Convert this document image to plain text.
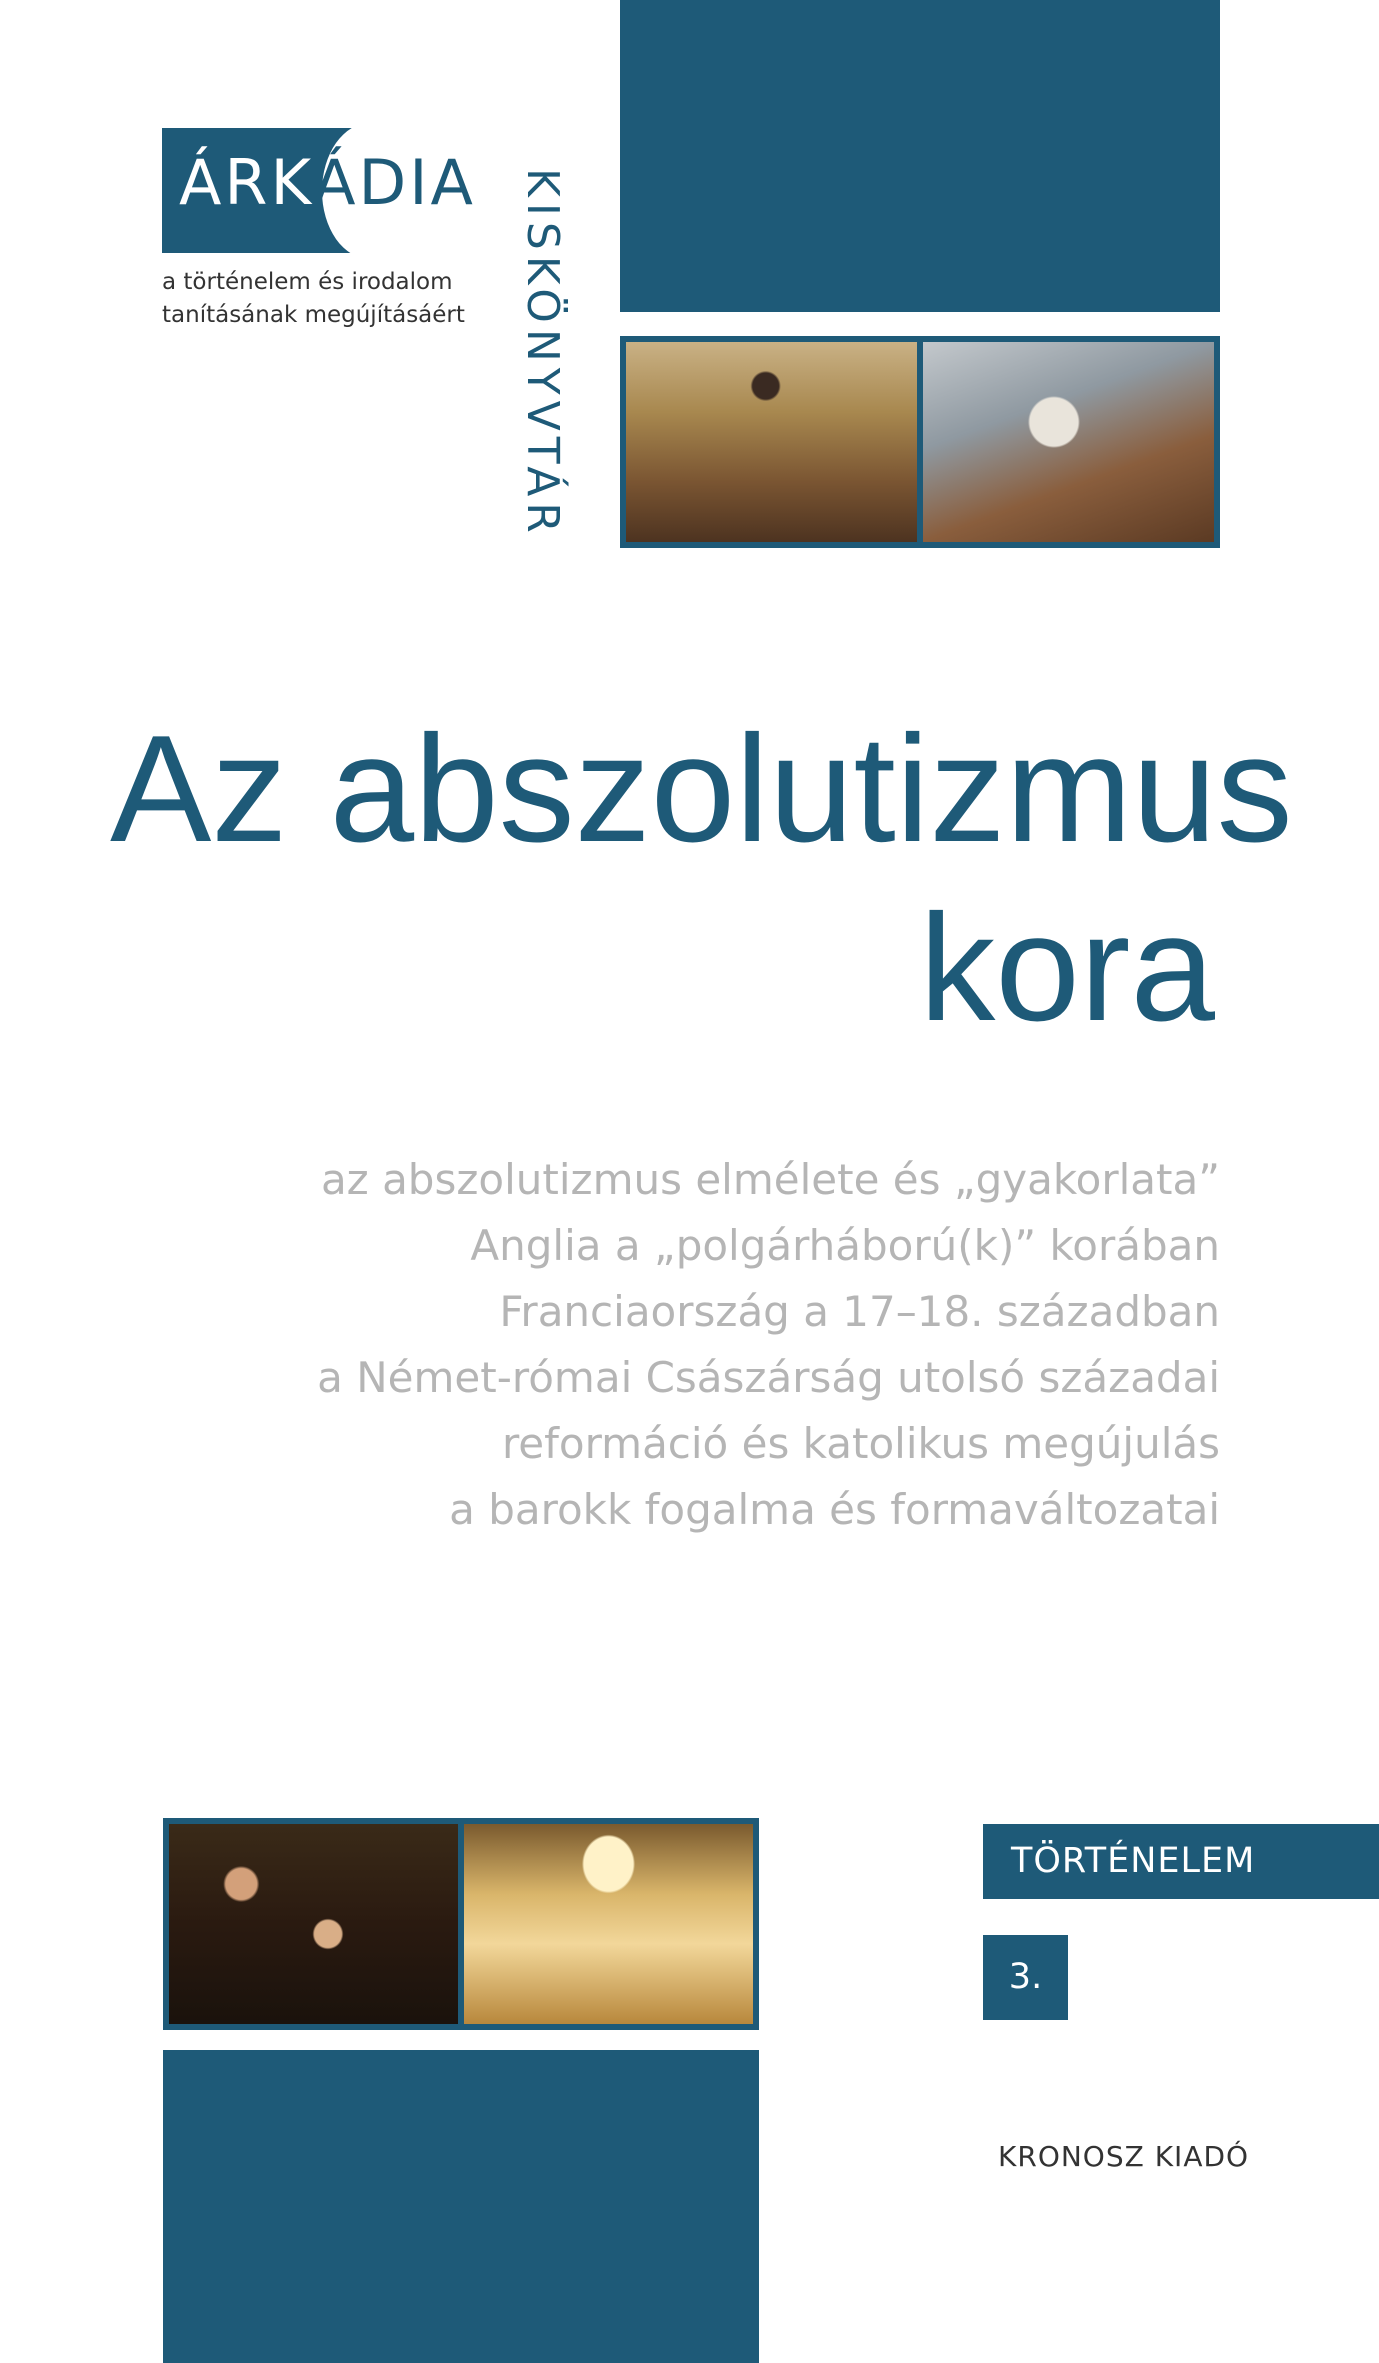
ÁRKÁDIA
a történelem és irodalom
tanításának megújításáért KISKÖNYVTÁR
Az abszolutizmus
kora
az abszolutizmus elmélete és „gyakorlata”
Anglia a „polgárháború(k)” korában
Franciaország a 17–18. században
a Német-római Császárság utolsó századai
reformáció és katolikus megújulás
a barokk fogalma és formaváltozatai
TÖRTÉNELEM
3.
KRONOSZ KIADÓ
